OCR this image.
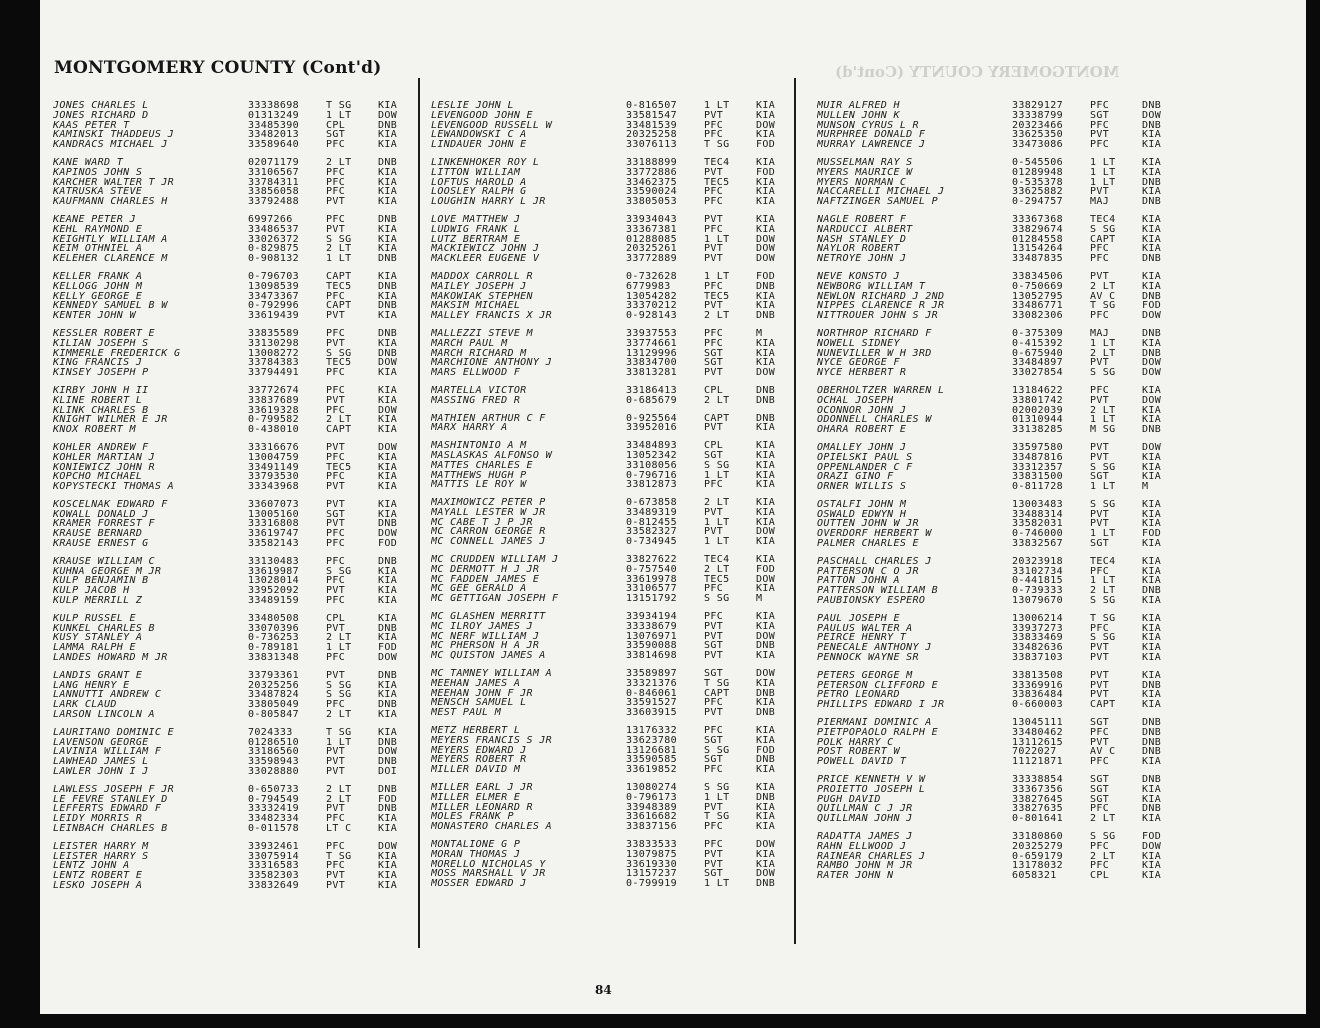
MONTGOMERY COUNTY (Cont'd)	MONTGOMERY COUNTY (Cont'd)
JONES CHARLES L	33338698	T SG	KIA
JONES RICHARD D	01313249	1 LT	DOW
KAAS PETER T	33485390	CPL	DNB
KAMINSKI THADDEUS J	33482013	SGT	KIA
KANDRACS MICHAEL J	33589640	PFC	KIA
KANE WARD T	02071179	2 LT	DNB
KAPINOS JOHN S	33106567	PFC	KIA
KARCHER WALTER T JR	33784311	PFC	KIA
KATRUSKA STEVE	33856058	PFC	KIA
KAUFMANN CHARLES H	33792488	PVT	KIA
KEANE PETER J	6997266	PFC	DNB
KEHL RAYMOND E	33486537	PVT	KIA
KEIGHTLY WILLIAM A	33026372	S SG	KIA
KEIM OTHNIEL A	0-829875	2 LT	KIA
KELEHER CLARENCE M	0-908132	1 LT	DNB
KELLER FRANK A	0-796703	CAPT	KIA
KELLOGG JOHN M	13098539	TEC5	DNB
KELLY GEORGE E	33473367	PFC	KIA
KENNEDY SAMUEL B W	0-792996	CAPT	DNB
KENTER JOHN W	33619439	PVT	KIA
KESSLER ROBERT E	33835589	PFC	DNB
KILIAN JOSEPH S	33130298	PVT	KIA
KIMMERLE FREDERICK G	13008272	S SG	DNB
KING FRANCIS J	33784383	TEC5	DOW
KINSEY JOSEPH P	33794491	PFC	KIA
KIRBY JOHN H II	33772674	PFC	KIA
KLINE ROBERT L	33837689	PVT	KIA
KLINK CHARLES B	33619328	PFC	DOW
KNIGHT WILMER E JR	0-799582	2 LT	KIA
KNOX ROBERT M	0-438010	CAPT	KIA
KOHLER ANDREW F	33316676	PVT	DOW
KOHLER MARTIAN J	13004759	PFC	KIA
KONIEWICZ JOHN R	33491149	TEC5	KIA
KOPCHO MICHAEL	33793530	PFC	KIA
KOPYSTECKI THOMAS A	33343968	PVT	KIA
KOSCELNAK EDWARD F	33607073	PVT	KIA
KOWALL DONALD J	13005160	SGT	KIA
KRAMER FORREST F	33316808	PVT	DNB
KRAUSE BERNARD	33619747	PFC	DOW
KRAUSE ERNEST G	33582143	PFC	FOD
KRAUSE WILLIAM C	33130483	PFC	DNB
KUHNA GEORGE M JR	33619987	S SG	KIA
KULP BENJAMIN B	13028014	PFC	KIA
KULP JACOB H	33952092	PVT	KIA
KULP MERRILL Z	33489159	PFC	KIA
KULP RUSSEL E	33480508	CPL	KIA
KUNKEL CHARLES B	33070396	PVT	DNB
KUSY STANLEY A	0-736253	2 LT	KIA
LAMMA RALPH E	0-789181	1 LT	FOD
LANDES HOWARD M JR	33831348	PFC	DOW
LANDIS GRANT E	33793361	PVT	DNB
LANG HENRY E	20325256	S SG	KIA
LANNUTTI ANDREW C	33487824	S SG	KIA
LARK CLAUD	33805049	PFC	DNB
LARSON LINCOLN A	0-805847	2 LT	KIA
LAURITANO DOMINIC E	7024333	T SG	KIA
LAVENSON GEORGE	01286510	1 LT	DNB
LAVINIA WILLIAM F	33186560	PVT	DOW
LAWHEAD JAMES L	33598943	PVT	DNB
LAWLER JOHN I J	33028880	PVT	DOI
LAWLESS JOSEPH F JR	0-650733	2 LT	DNB
LE FEVRE STANLEY D	0-794549	2 LT	FOD
LEFFERTS EDWARD F	33332419	PVT	DNB
LEIDY MORRIS R	33482334	PFC	KIA
LEINBACH CHARLES B	0-011578	LT C	KIA
LEISTER HARRY M	33932461	PFC	DOW
LEISTER HARRY S	33075914	T SG	KIA
LENTZ JOHN A	33316583	PFC	KIA
LENTZ ROBERT E	33582303	PVT	KIA
LESKO JOSEPH A	33832649	PVT	KIA
LESLIE JOHN L	0-816507	1 LT	KIA
LEVENGOOD JOHN E	33581547	PVT	KIA
LEVENGOOD RUSSELL W	33481539	PFC	DOW
LEWANDOWSKI C A	20325258	PFC	KIA
LINDAUER JOHN E	33076113	T SG	FOD
LINKENHOKER ROY L	33188899	TEC4	KIA
LITTON WILLIAM	33772886	PVT	FOD
LOFTUS HAROLD A	33462375	TEC5	KIA
LOOSLEY RALPH G	33590024	PFC	KIA
LOUGHIN HARRY L JR	33805053	PFC	KIA
LOVE MATTHEW J	33934043	PVT	KIA
LUDWIG FRANK L	33367381	PFC	KIA
LUTZ BERTRAM E	01288085	1 LT	DOW
MACKIEWICZ JOHN J	20325261	PVT	DOW
MACKLEER EUGENE V	33772889	PVT	DOW
MADDOX CARROLL R	0-732628	1 LT	FOD
MAILEY JOSEPH J	6779983	PFC	DNB
MAKOWIAK STEPHEN	13054282	TEC5	KIA
MAKSIM MICHAEL	33370212	PVT	KIA
MALLEY FRANCIS X JR	0-928143	2 LT	DNB
MALLEZZI STEVE M	33937553	PFC	M
MARCH PAUL M	33774661	PFC	KIA
MARCH RICHARD M	13129996	SGT	KIA
MARCHIONE ANTHONY J	33834700	SGT	KIA
MARS ELLWOOD F	33813281	PVT	DOW
MARTELLA VICTOR	33186413	CPL	DNB
MASSING FRED R	0-685679	2 LT	DNB
MATHIEN ARTHUR C F	0-925564	CAPT	DNB
MARX HARRY A	33952016	PVT	KIA
MASHINTONIO A M	33484893	CPL	KIA
MASLASKAS ALFONSO W	13052342	SGT	KIA
MATTES CHARLES E	33108056	S SG	KIA
MATTHEWS HUGH P	0-796716	1 LT	KIA
MATTIS LE ROY W	33812873	PFC	KIA
MAXIMOWICZ PETER P	0-673858	2 LT	KIA
MAYALL LESTER W JR	33489319	PVT	KIA
MC CABE T J P JR	0-812455	1 LT	KIA
MC CARRON GEORGE R	33582327	PVT	DOW
MC CONNELL JAMES J	0-734945	1 LT	KIA
MC CRUDDEN WILLIAM J	33827622	TEC4	KIA
MC DERMOTT H J JR	0-757540	2 LT	FOD
MC FADDEN JAMES E	33619978	TEC5	DOW
MC GEE GERALD A	33106577	PFC	KIA
MC GETTIGAN JOSEPH F	13151792	S SG	M
MC GLASHEN MERRITT	33934194	PFC	KIA
MC ILROY JAMES J	33338679	PVT	KIA
MC NERF WILLIAM J	13076971	PVT	DOW
MC PHERSON H A JR	33590088	SGT	DNB
MC QUISTON JAMES A	33814698	PVT	KIA
MC TAMNEY WILLIAM A	33589897	SGT	DOW
MEEHAN JAMES A	33321376	T SG	KIA
MEEHAN JOHN F JR	0-846061	CAPT	DNB
MENSCH SAMUEL L	33591527	PFC	KIA
MEST PAUL M	33603915	PVT	DNB
METZ HERBERT L	13176332	PFC	KIA
MEYERS FRANCIS S JR	33623780	SGT	KIA
MEYERS EDWARD J	13126681	S SG	FOD
MEYERS ROBERT R	33590585	SGT	DNB
MILLER DAVID M	33619852	PFC	KIA
MILLER EARL J JR	13080274	S SG	KIA
MILLER ELMER E	0-796173	1 LT	DNB
MILLER LEONARD R	33948389	PVT	KIA
MOLES FRANK P	33616682	T SG	KIA
MONASTERO CHARLES A	33837156	PFC	KIA
MONTALIONE G P	33833533	PFC	DOW
MORAN THOMAS J	13079875	PVT	KIA
MORELLO NICHOLAS Y	33619330	PVT	KIA
MOSS MARSHALL V JR	13157237	SGT	DOW
MOSSER EDWARD J	0-799919	1 LT	DNB
MUIR ALFRED H	33829127	PFC	DNB
MULLEN JOHN K	33338799	SGT	DOW
MUNSON CYRUS L R	20323466	PFC	DNB
MURPHREE DONALD F	33625350	PVT	KIA
MURRAY LAWRENCE J	33473086	PFC	KIA
MUSSELMAN RAY S	0-545506	1 LT	KIA
MYERS MAURICE W	01289948	1 LT	KIA
MYERS NORMAN C	0-535378	1 LT	DNB
NACCARELLI MICHAEL J	33625882	PVT	KIA
NAFTZINGER SAMUEL P	0-294757	MAJ	DNB
NAGLE ROBERT F	33367368	TEC4	KIA
NARDUCCI ALBERT	33829674	S SG	KIA
NASH STANLEY D	01284558	CAPT	KIA
NAYLOR ROBERT	13154264	PFC	KIA
NETROYE JOHN J	33487835	PFC	DNB
NEVE KONSTO J	33834506	PVT	KIA
NEWBORG WILLIAM T	0-750669	2 LT	KIA
NEWLON RICHARD J 2ND	13052795	AV C	DNB
NIPPES CLARENCE R JR	33486771	T SG	FOD
NITTROUER JOHN S JR	33082306	PFC	DOW
NORTHROP RICHARD F	0-375309	MAJ	DNB
NOWELL SIDNEY	0-415392	1 LT	KIA
NUNEVILLER W H 3RD	0-675940	2 LT	DNB
NYCE GEORGE F	33484897	PVT	DOW
NYCE HERBERT R	33027854	S SG	DOW
OBERHOLTZER WARREN L	13184622	PFC	KIA
OCHAL JOSEPH	33801742	PVT	DOW
OCONNOR JOHN J	02002039	2 LT	KIA
ODONNELL CHARLES W	01310944	1 LT	KIA
OHARA ROBERT E	33138285	M SG	DNB
OMALLEY JOHN J	33597580	PVT	DOW
OPIELSKI PAUL S	33487816	PVT	KIA
OPPENLANDER C F	33312357	S SG	KIA
ORAZI GINO F	33831500	SGT	KIA
ORNER WILLIS S	0-811728	1 LT	M
OSTALFI JOHN M	13003483	S SG	KIA
OSWALD EDWYN H	33488314	PVT	KIA
OUTTEN JOHN W JR	33582031	PVT	KIA
OVERDORF HERBERT W	0-746000	1 LT	FOD
PALMER CHARLES E	33832567	SGT	KIA
PASCHALL CHARLES J	20323918	TEC4	KIA
PATTERSON C O JR	33102734	PFC	KIA
PATTON JOHN A	0-441815	1 LT	KIA
PATTERSON WILLIAM B	0-739333	2 LT	DNB
PAUBIONSKY ESPERO	13079670	S SG	KIA
PAUL JOSEPH E	13006214	T SG	KIA
PAULUS WALTER A	33937273	PFC	KIA
PEIRCE HENRY T	33833469	S SG	KIA
PENECALE ANTHONY J	33482636	PVT	KIA
PENNOCK WAYNE SR	33837103	PVT	KIA
PETERS GEORGE M	33813508	PVT	KIA
PETERSON CLIFFORD E	33369916	PVT	DNB
PETRO LEONARD	33836484	PVT	KIA
PHILLIPS EDWARD I JR	0-660003	CAPT	KIA
PIERMANI DOMINIC A	13045111	SGT	DNB
PIETPOPAOLO RALPH E	33480462	PFC	DNB
POLK HARRY C	13112615	PVT	DNB
POST ROBERT W	7022027	AV C	DNB
POWELL DAVID T	11121871	PFC	KIA
PRICE KENNETH V W	33338854	SGT	DNB
PROIETTO JOSEPH L	33367356	SGT	KIA
PUGH DAVID	33827645	SGT	KIA
QUILLMAN C J JR	33827635	PFC	DNB
QUILLMAN JOHN J	0-801641	2 LT	KIA
RADATTA JAMES J	33180860	S SG	FOD
RAHN ELLWOOD J	20325279	PFC	DOW
RAINEAR CHARLES J	0-659179	2 LT	KIA
RAMBO JOHN M JR	13178032	PFC	KIA
RATER JOHN N	6058321	CPL	KIA
84
